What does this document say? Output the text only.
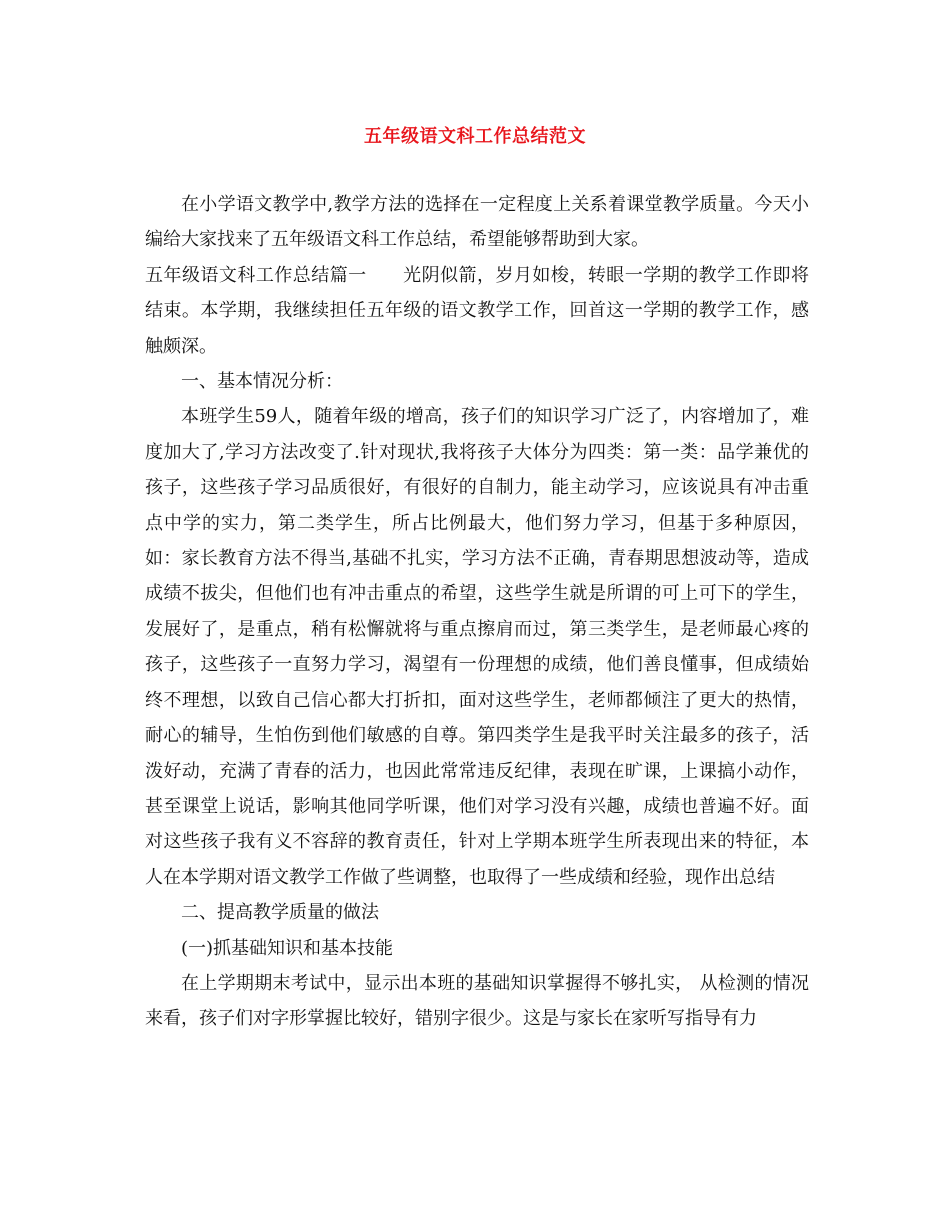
五年级语文科工作总结范文

在小学语文教学中,教学方法的选择在一定程度上关系着课堂教学质量。今天小编给大家找来了五年级语文科工作总结，希望能够帮助到大家。

五年级语文科工作总结篇一 光阴似箭，岁月如梭，转眼一学期的教学工作即将结束。本学期，我继续担任五年级的语文教学工作，回首这一学期的教学工作，感触颇深。

一、基本情况分析：

本班学生59人，随着年级的增高，孩子们的知识学习广泛了，内容增加了，难度加大了,学习方法改变了.针对现状,我将孩子大体分为四类：第一类：品学兼优的孩子，这些孩子学习品质很好，有很好的自制力，能主动学习，应该说具有冲击重点中学的实力，第二类学生，所占比例最大，他们努力学习，但基于多种原因，如：家长教育方法不得当,基础不扎实，学习方法不正确，青春期思想波动等，造成成绩不拔尖，但他们也有冲击重点的希望，这些学生就是所谓的可上可下的学生，发展好了，是重点，稍有松懈就将与重点擦肩而过，第三类学生，是老师最心疼的孩子，这些孩子一直努力学习，渴望有一份理想的成绩，他们善良懂事，但成绩始终不理想，以致自己信心都大打折扣，面对这些学生，老师都倾注了更大的热情，耐心的辅导，生怕伤到他们敏感的自尊。第四类学生是我平时关注最多的孩子，活泼好动，充满了青春的活力，也因此常常违反纪律，表现在旷课，上课搞小动作，甚至课堂上说话，影响其他同学听课，他们对学习没有兴趣，成绩也普遍不好。面对这些孩子我有义不容辞的教育责任，针对上学期本班学生所表现出来的特征，本人在本学期对语文教学工作做了些调整，也取得了一些成绩和经验，现作出总结

二、提高教学质量的做法

(一)抓基础知识和基本技能

在上学期期末考试中，显示出本班的基础知识掌握得不够扎实， 从检测的情况来看，孩子们对字形掌握比较好，错别字很少。这是与家长在家听写指导有力
